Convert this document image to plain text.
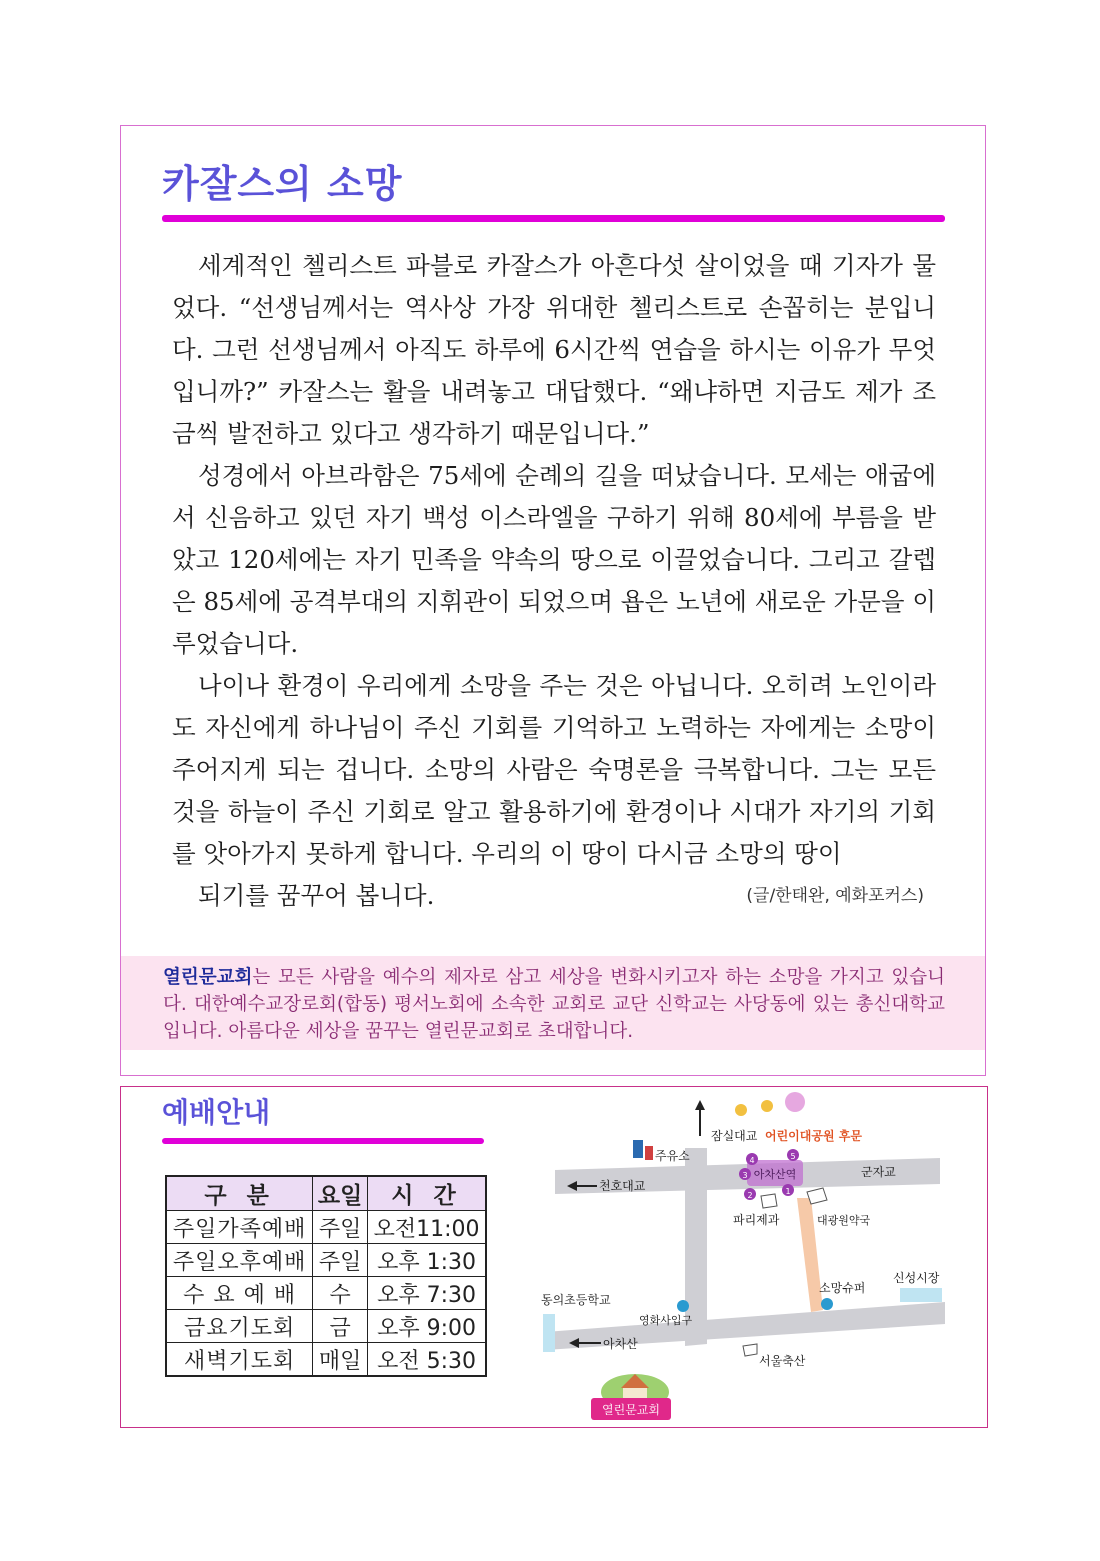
카잘스의 소망

세계적인 첼리스트 파블로 카잘스가 아흔다섯 살이었을 때 기자가 물었다. “선생님께서는 역사상 가장 위대한 첼리스트로 손꼽히는 분입니다. 그런 선생님께서 아직도 하루에 6시간씩 연습을 하시는 이유가 무엇입니까?” 카잘스는 활을 내려놓고 대답했다. “왜냐하면 지금도 제가 조금씩 발전하고 있다고 생각하기 때문입니다.”

성경에서 아브라함은 75세에 순례의 길을 떠났습니다. 모세는 애굽에서 신음하고 있던 자기 백성 이스라엘을 구하기 위해 80세에 부름을 받았고 120세에는 자기 민족을 약속의 땅으로 이끌었습니다. 그리고 갈렙은 85세에 공격부대의 지휘관이 되었으며 욥은 노년에 새로운 가문을 이루었습니다.

나이나 환경이 우리에게 소망을 주는 것은 아닙니다. 오히려 노인이라도 자신에게 하나님이 주신 기회를 기억하고 노력하는 자에게는 소망이 주어지게 되는 겁니다. 소망의 사람은 숙명론을 극복합니다. 그는 모든 것을 하늘이 주신 기회로 알고 활용하기에 환경이나 시대가 자기의 기회를 앗아가지 못하게 합니다. 우리의 이 땅이 다시금 소망의 땅이

되기를 꿈꾸어 봅니다.	(글/한태완, 예화포커스)

열린문교회는 모든 사람을 예수의 제자로 삼고 세상을 변화시키고자 하는 소망을 가지고 있습니다. 대한예수교장로회(합동) 평서노회에 소속한 교회로 교단 신학교는 사당동에 있는 총신대학교입니다. 아름다운 세상을 꿈꾸는 열린문교회로 초대합니다.
예배안내
구 분	요일	시 간
주일가족예배	주일	오전11:00
주일오후예배	주일	오후 1:30
수 요 예 배	수	오후 7:30
금요기도회	금	오후 9:00
새벽기도회	매일	오전 5:30
4	5
3
1
2
잠실대교 어린이대공원 후문
주유소
천호대교
아차산역	군자교
파리제과	대광원약국
신성시장
소망슈퍼
동의초등학교
영화사입구
아차산
서울축산
열린문교회
